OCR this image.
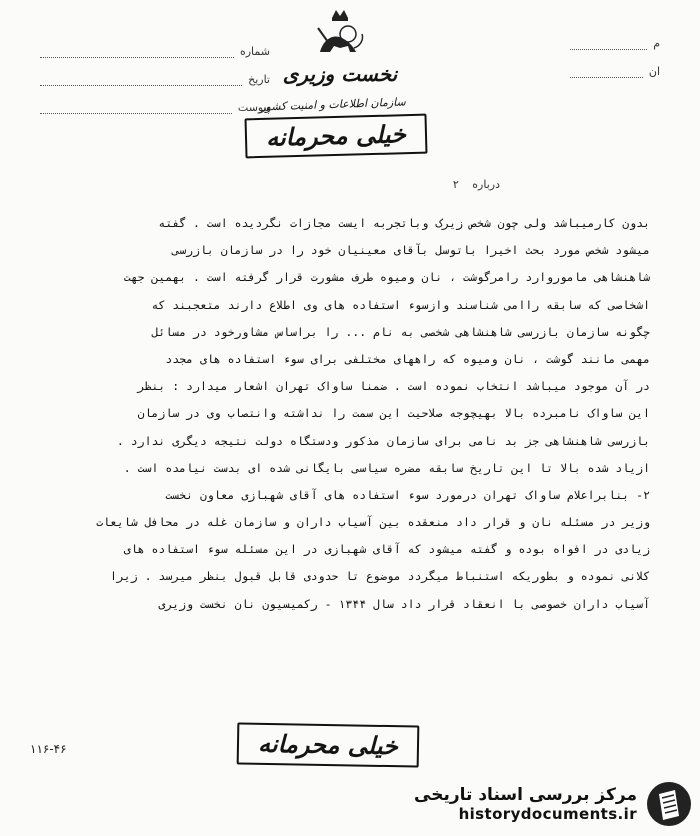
م
ان
شماره
تاریخ
پیوست
نخست وزیری
سازمان اطلاعات و امنیت کشور
خیلی محرمانه
درباره ۲
بدون کارمیباشد ولی چون شخص زیرک وباتجربه ایست مجازات نگردیده است . گفته
میشود شخص مورد بحث اخیرا باتوسل بآقای معینیان خود را در سازمان بازرسی
شاهنشاهی ماموروارد رامرگوشت ، نان ومیوه طرف مشورت قرار گرفته است . بهمین جهت
اشخاصی که سابقه راامی شناسند وازسوء استفاده های وی اطلاع دارند متعجبند که
چگونه سازمان بازرسی شاهنشاهی شخصی به نام ... را براساس مشاورخود در مسائل
مهمی مانند گوشت ، نان ومیوه که راههای مختلفی برای سوء استفاده های مجدد
در آن موجود میباشد انتخاب نموده است . ضمنا ساواک تهران اشعار میدارد : بنظر
این ساواک نامبرده بالا بهیچوجه صلاحیت این سمت را نداشته وانتصاب وی در سازمان
بازرسی شاهنشاهی جز بد نامی برای سازمان مذکور ودستگاه دولت نتیجه دیگری ندارد .
ازیاد شده بالا تا این تاریخ سابقه مضره سیاسی بایگانی شده ای بدست نیامده است .
۲- بنابراعلام ساواک تهران درمورد سوء استفاده های آقای شهبازی معاون نخست
وزیر در مسئله نان و قرار داد منعقده بین آسیاب داران و سازمان غله در محافل شایعات
زیادی در افواه بوده و گفته میشود که آقای شهبازی در این مسئله سوء استفاده های
کلانی نموده و بطوریکه استنباط میگردد موضوع تا حدودی قابل قبول بنظر میرسد . زیرا
آسیاب داران خصوصی با انعقاد قرار داد سال ۱۳۴۴ - رکمیسیون نان نخست وزیری
خیلی محرمانه
۱۱۶-۴۶
مرکز بررسی اسناد تاریخی
historydocuments.ir
